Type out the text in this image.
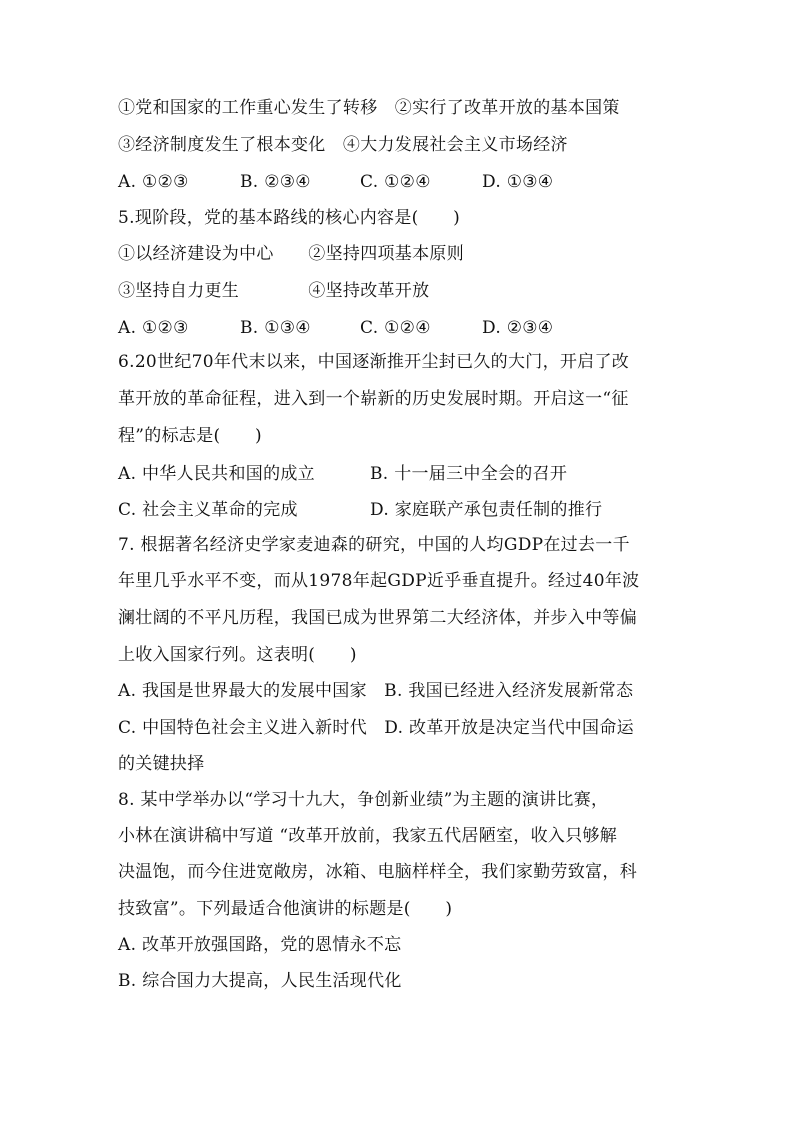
①党和国家的工作重心发生了转移　②实行了改革开放的基本国策
③经济制度发生了根本变化　④大力发展社会主义市场经济
A. ①②③	B. ②③④	C. ①②④	D. ①③④
5.现阶段，党的基本路线的核心内容是(　　)
①以经济建设为中心　　②坚持四项基本原则
③坚持自力更生　　　　④坚持改革开放
A. ①②③	B. ①③④	C. ①②④	D. ②③④
6.20世纪70年代末以来，中国逐渐推开尘封已久的大门，开启了改
革开放的革命征程，进入到一个崭新的历史发展时期。开启这一“征
程”的标志是(　　)
A. 中华人民共和国的成立	B. 十一届三中全会的召开
C. 社会主义革命的完成	D. 家庭联产承包责任制的推行
7. 根据著名经济史学家麦迪森的研究，中国的人均GDP在过去一千
年里几乎水平不变，而从1978年起GDP近乎垂直提升。经过40年波
澜壮阔的不平凡历程，我国已成为世界第二大经济体，并步入中等偏
上收入国家行列。这表明(　　)
A. 我国是世界最大的发展中国家　B. 我国已经进入经济发展新常态
C. 中国特色社会主义进入新时代　D. 改革开放是决定当代中国命运
的关键抉择
8. 某中学举办以“学习十九大，争创新业绩”为主题的演讲比赛，
小林在演讲稿中写道 “改革开放前，我家五代居陋室，收入只够解
决温饱，而今住进宽敞房，冰箱、电脑样样全，我们家勤劳致富，科
技致富”。下列最适合他演讲的标题是(　　)
A. 改革开放强国路，党的恩情永不忘
B. 综合国力大提高，人民生活现代化
